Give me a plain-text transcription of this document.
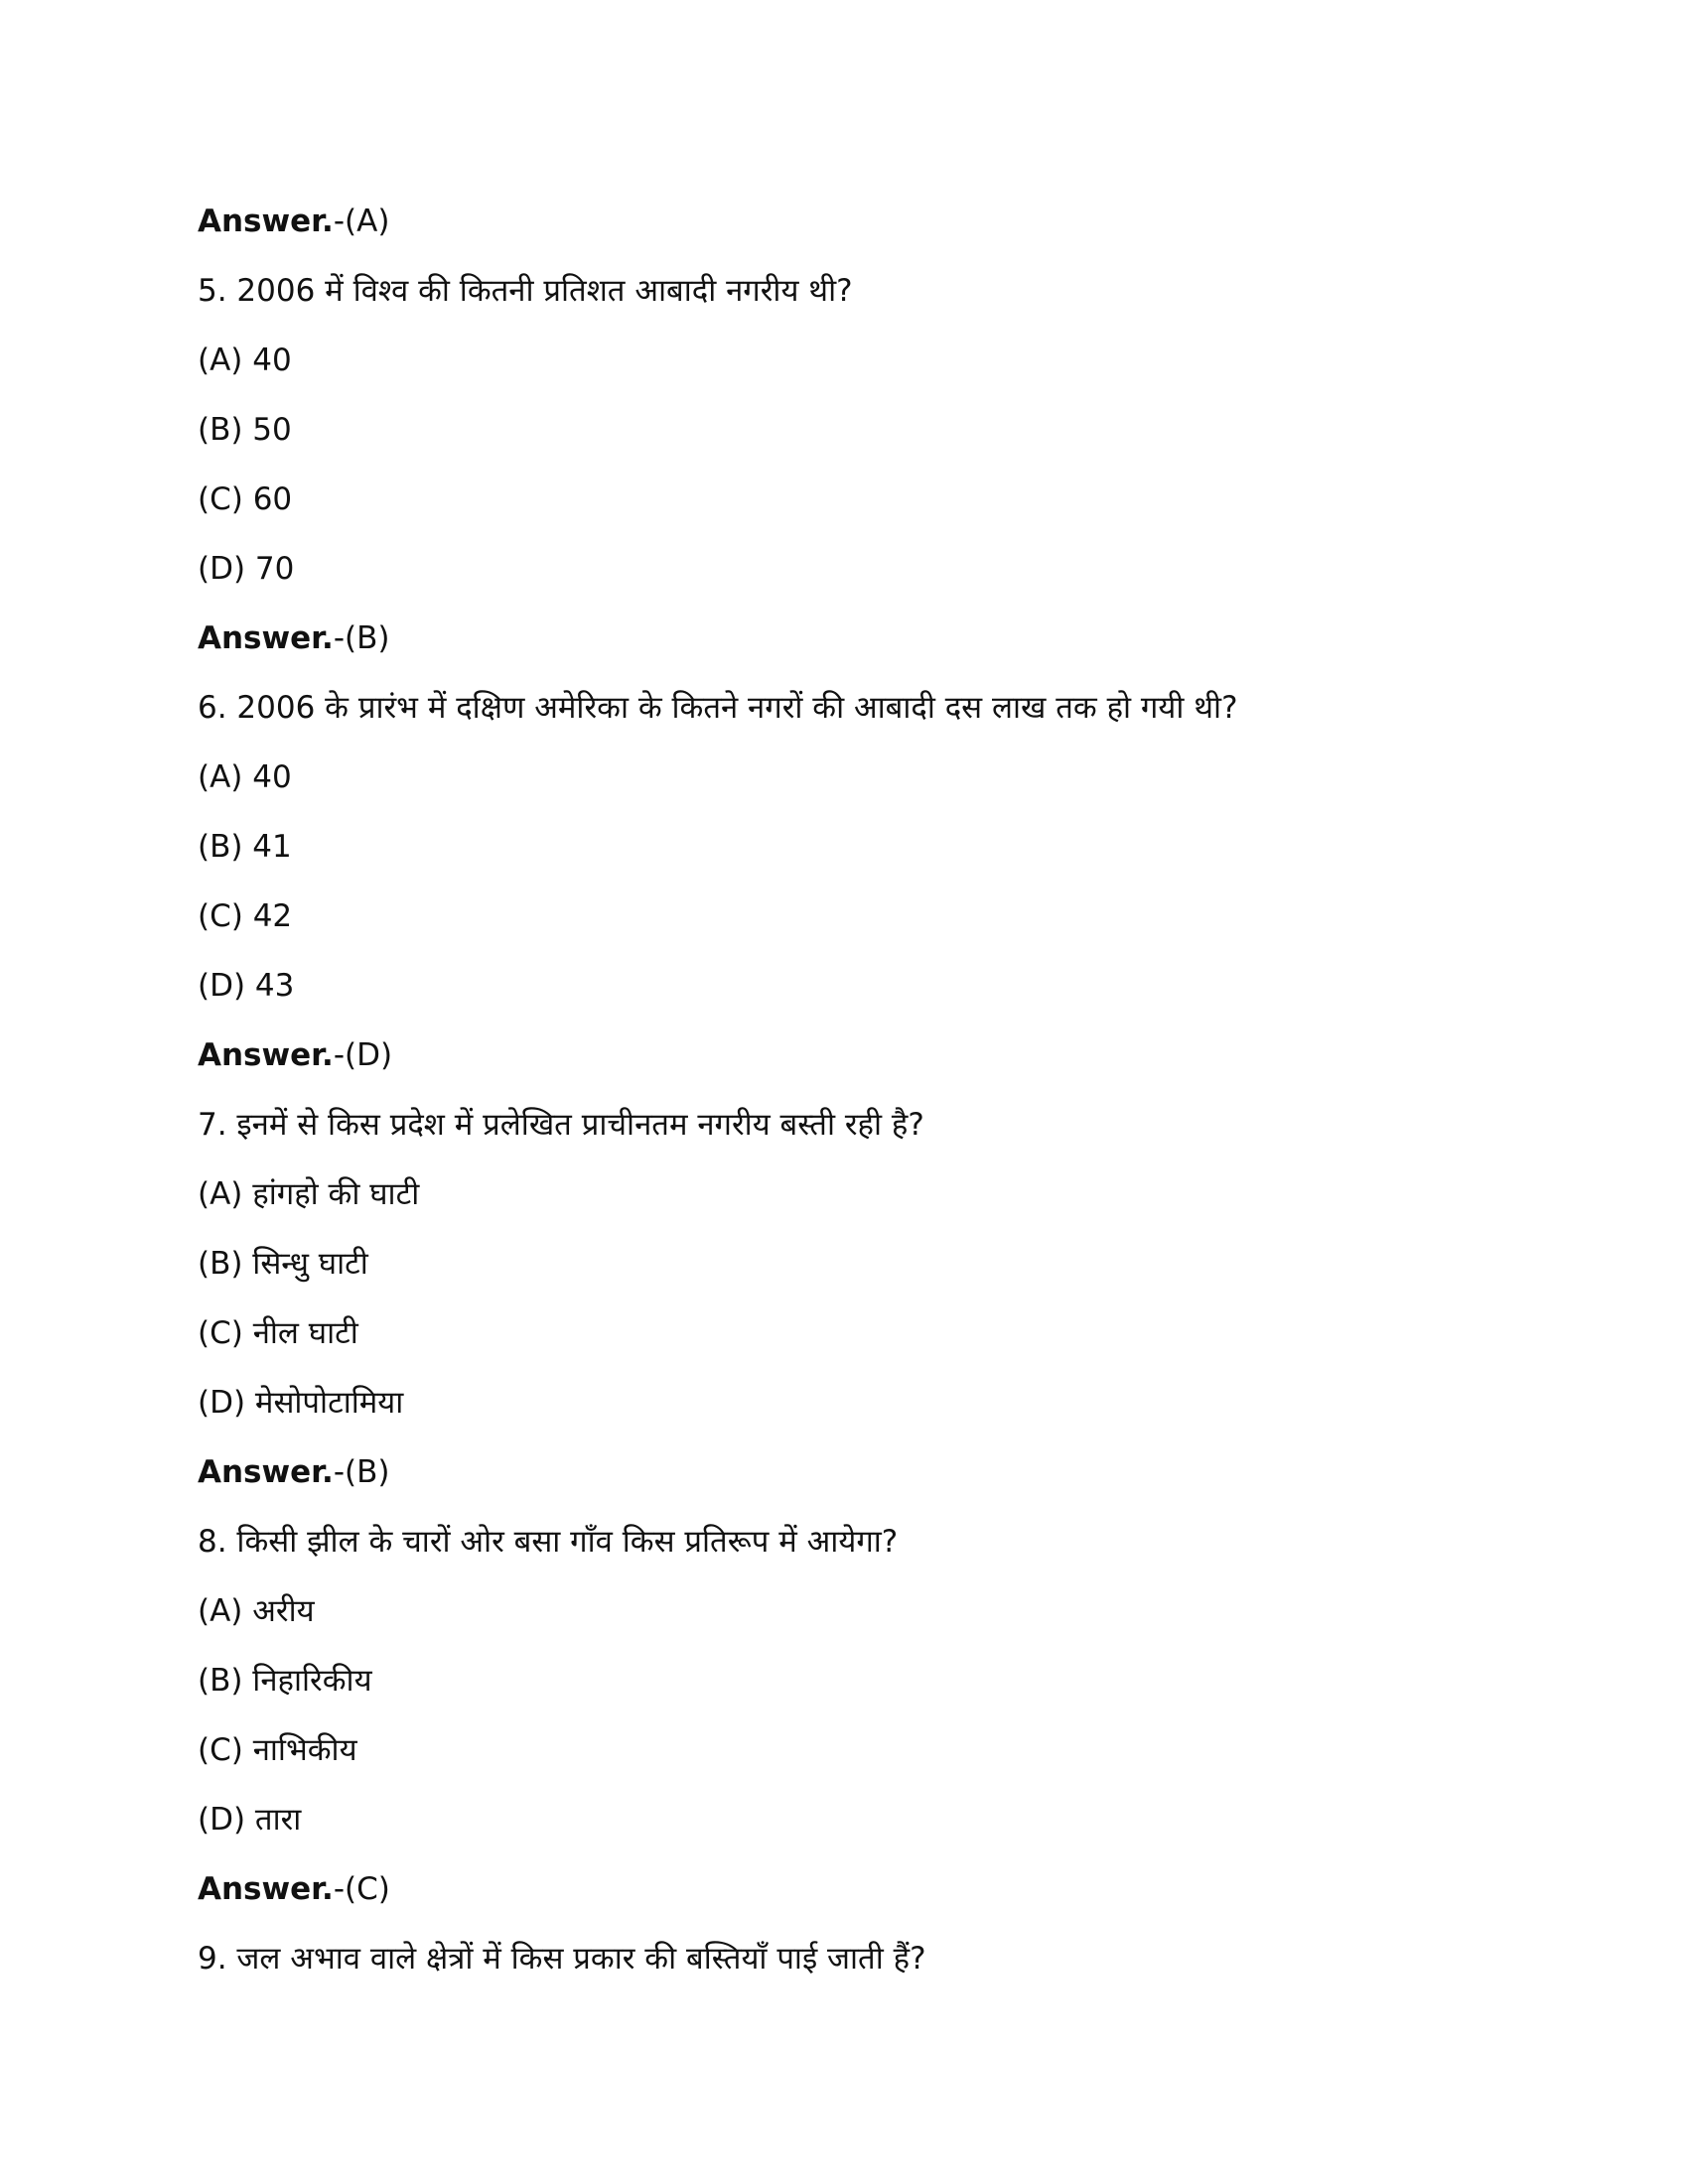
Answer.-(A)
5. 2006 में विश्व की कितनी प्रतिशत आबादी नगरीय थी?
(A) 40
(B) 50
(C) 60
(D) 70
Answer.-(B)
6. 2006 के प्रारंभ में दक्षिण अमेरिका के कितने नगरों की आबादी दस लाख तक हो गयी थी?
(A) 40
(B) 41
(C) 42
(D) 43
Answer.-(D)
7. इनमें से किस प्रदेश में प्रलेखित प्राचीनतम नगरीय बस्ती रही है?
(A) हांगहो की घाटी
(B) सिन्धु घाटी
(C) नील घाटी
(D) मेसोपोटामिया
Answer.-(B)
8. किसी झील के चारों ओर बसा गाँव किस प्रतिरूप में आयेगा?
(A) अरीय
(B) निहारिकीय
(C) नाभिकीय
(D) तारा
Answer.-(C)
9. जल अभाव वाले क्षेत्रों में किस प्रकार की बस्तियाँ पाई जाती हैं?
